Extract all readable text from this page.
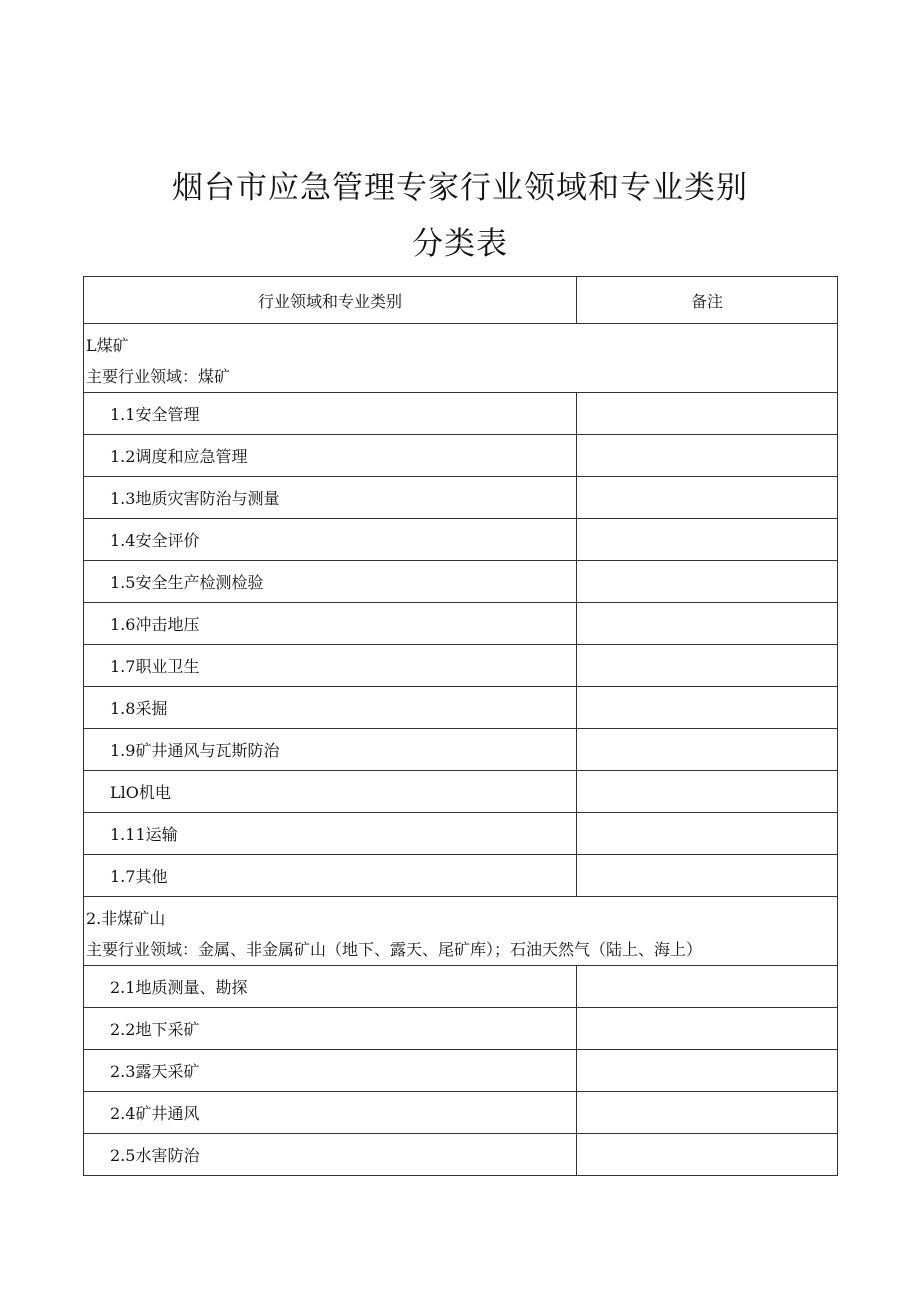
烟台市应急管理专家行业领域和专业类别
分类表
行业领域和专业类别	备注

L煤矿
主要行业领域：煤矿	

1.1安全管理	
1.2调度和应急管理	
1.3地质灾害防治与测量	
1.4安全评价	
1.5安全生产检测检验	
1.6冲击地压	
1.7职业卫生	
1.8采掘	
1.9矿井通风与瓦斯防治	
LlO机电	
1.11运输	
1.7其他	

2.非煤矿山
主要行业领域：金属、非金属矿山（地下、露天、尾矿库）；石油天然气（陆上、海上）	

2.1地质测量、勘探	
2.2地下采矿	
2.3露天采矿	
2.4矿井通风	
2.5水害防治	
